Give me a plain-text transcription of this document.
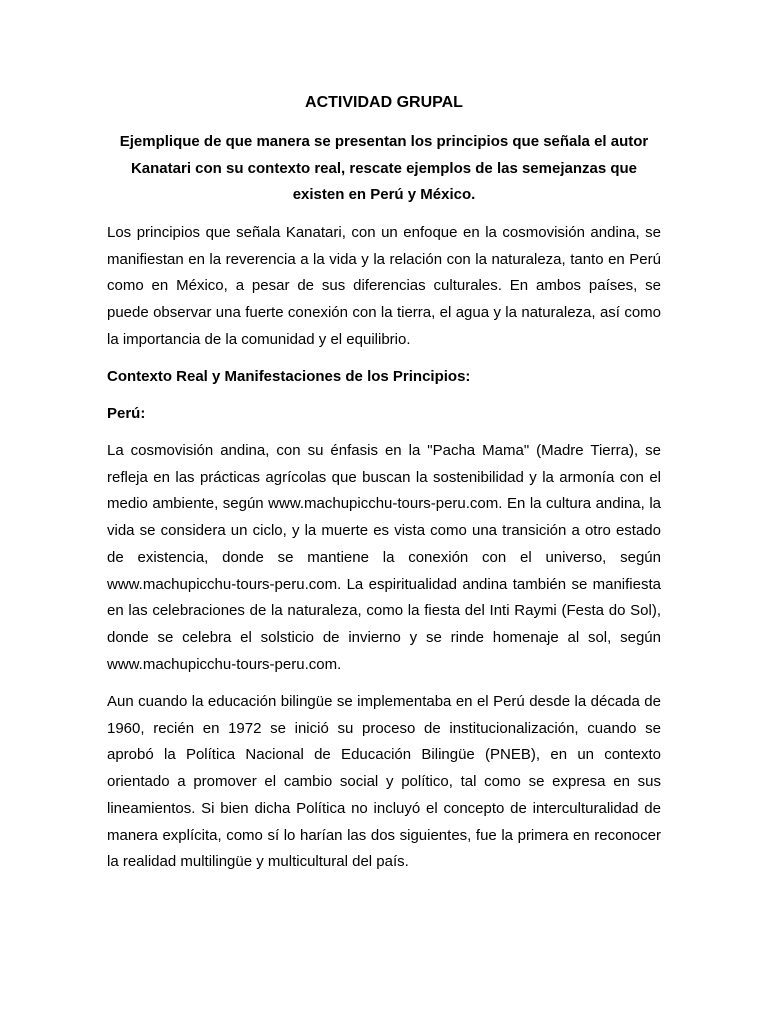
ACTIVIDAD GRUPAL

Ejemplique de que manera se presentan los principios que señala el autor Kanatari con su contexto real, rescate ejemplos de las semejanzas que existen en Perú y México.

Los principios que señala Kanatari, con un enfoque en la cosmovisión andina, se manifiestan en la reverencia a la vida y la relación con la naturaleza, tanto en Perú como en México, a pesar de sus diferencias culturales. En ambos países, se puede observar una fuerte conexión con la tierra, el agua y la naturaleza, así como la importancia de la comunidad y el equilibrio.

Contexto Real y Manifestaciones de los Principios:

Perú:

La cosmovisión andina, con su énfasis en la "Pacha Mama" (Madre Tierra), se refleja en las prácticas agrícolas que buscan la sostenibilidad y la armonía con el medio ambiente, según www.machupicchu-tours-peru.com. En la cultura andina, la vida se considera un ciclo, y la muerte es vista como una transición a otro estado de existencia, donde se mantiene la conexión con el universo, según www.machupicchu-tours-peru.com. La espiritualidad andina también se manifiesta en las celebraciones de la naturaleza, como la fiesta del Inti Raymi (Festa do Sol), donde se celebra el solsticio de invierno y se rinde homenaje al sol, según www.machupicchu-tours-peru.com.

Aun cuando la educación bilingüe se implementaba en el Perú desde la década de 1960, recién en 1972 se inició su proceso de institucionalización, cuando se aprobó la Política Nacional de Educación Bilingüe (PNEB), en un contexto orientado a promover el cambio social y político, tal como se expresa en sus lineamientos. Si bien dicha Política no incluyó el concepto de interculturalidad de manera explícita, como sí lo harían las dos siguientes, fue la primera en reconocer la realidad multilingüe y multicultural del país.
